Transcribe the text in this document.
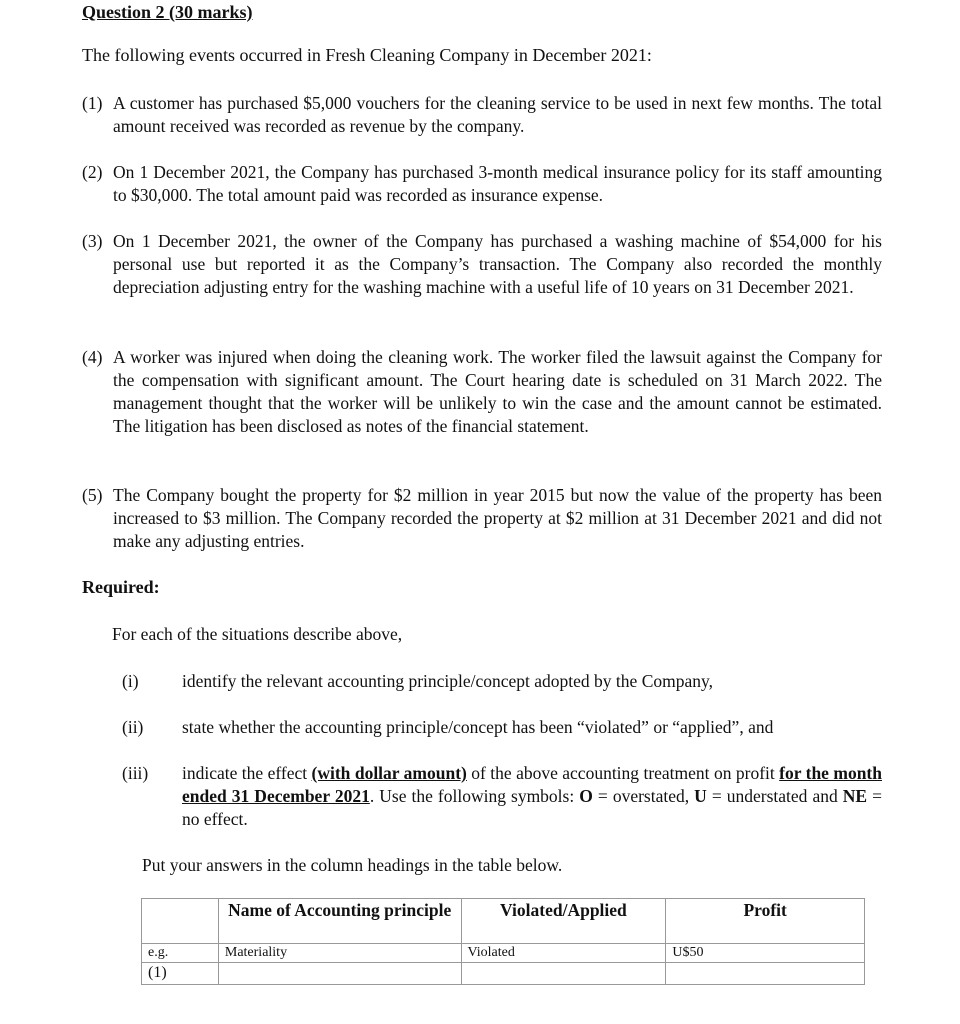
Question 2 (30 marks)
The following events occurred in Fresh Cleaning Company in December 2021:
(1) A customer has purchased $5,000 vouchers for the cleaning service to be used in next few months. The total amount received was recorded as revenue by the company.
(2) On 1 December 2021, the Company has purchased 3-month medical insurance policy for its staff amounting to $30,000. The total amount paid was recorded as insurance expense.
(3) On 1 December 2021, the owner of the Company has purchased a washing machine of $54,000 for his personal use but reported it as the Company’s transaction. The Company also recorded the monthly depreciation adjusting entry for the washing machine with a useful life of 10 years on 31 December 2021.
(4) A worker was injured when doing the cleaning work. The worker filed the lawsuit against the Company for the compensation with significant amount. The Court hearing date is scheduled on 31 March 2022. The management thought that the worker will be unlikely to win the case and the amount cannot be estimated. The litigation has been disclosed as notes of the financial statement.
(5) The Company bought the property for $2 million in year 2015 but now the value of the property has been increased to $3 million. The Company recorded the property at $2 million at 31 December 2021 and did not make any adjusting entries.
Required:
For each of the situations describe above,
(i) identify the relevant accounting principle/concept adopted by the Company,
(ii) state whether the accounting principle/concept has been “violated” or “applied”, and
(iii) indicate the effect (with dollar amount) of the above accounting treatment on profit for the month ended 31 December 2021. Use the following symbols: O = overstated, U = understated and NE = no effect.
Put your answers in the column headings in the table below.
	Name of Accounting principle	Violated/Applied	Profit
e.g.	Materiality	Violated	U$50
(1)			
